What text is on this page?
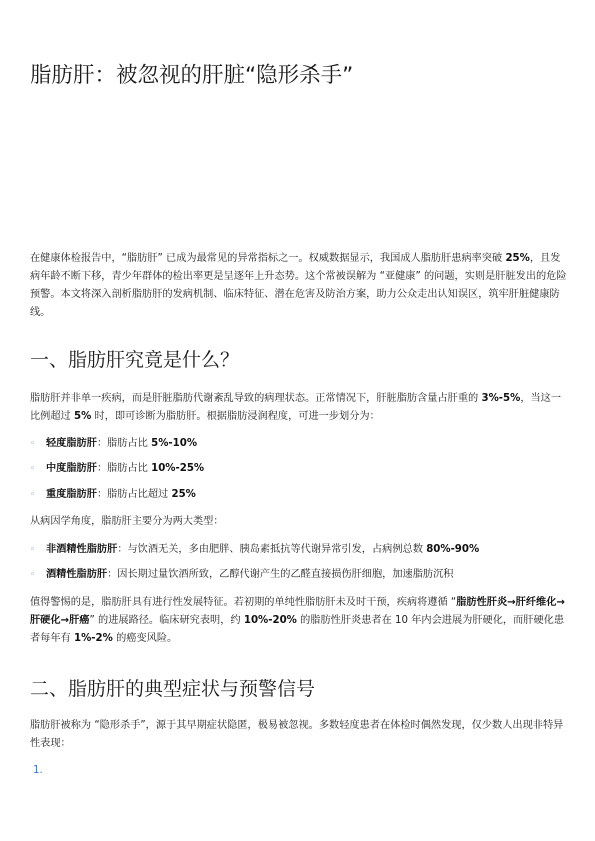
脂肪肝：被忽视的肝脏“隐形杀手”

在健康体检报告中，“脂肪肝” 已成为最常见的异常指标之一。权威数据显示，我国成人脂肪肝患病率突破 25%，且发病年龄不断下移，青少年群体的检出率更是呈逐年上升态势。这个常被误解为 “亚健康” 的问题，实则是肝脏发出的危险预警。本文将深入剖析脂肪肝的发病机制、临床特征、潜在危害及防治方案，助力公众走出认知误区，筑牢肝脏健康防线。

一、脂肪肝究竟是什么？

脂肪肝并非单一疾病，而是肝脏脂肪代谢紊乱导致的病理状态。正常情况下，肝脏脂肪含量占肝重的 3%-5%，当这一比例超过 5% 时，即可诊断为脂肪肝。根据脂肪浸润程度，可进一步划分为：

◦ 轻度脂肪肝：脂肪占比 5%-10%

◦ 中度脂肪肝：脂肪占比 10%-25%

◦ 重度脂肪肝：脂肪占比超过 25%

从病因学角度，脂肪肝主要分为两大类型：

◦ 非酒精性脂肪肝：与饮酒无关，多由肥胖、胰岛素抵抗等代谢异常引发，占病例总数 80%-90%

◦ 酒精性脂肪肝：因长期过量饮酒所致，乙醇代谢产生的乙醛直接损伤肝细胞，加速脂肪沉积

值得警惕的是，脂肪肝具有进行性发展特征。若初期的单纯性脂肪肝未及时干预，疾病将遵循 “脂肪性肝炎→肝纤维化→肝硬化→肝癌” 的进展路径。临床研究表明，约 10%-20% 的脂肪性肝炎患者在 10 年内会进展为肝硬化，而肝硬化患者每年有 1%-2% 的癌变风险。

二、脂肪肝的典型症状与预警信号

脂肪肝被称为 “隐形杀手”，源于其早期症状隐匿，极易被忽视。多数轻度患者在体检时偶然发现，仅少数人出现非特异性表现：

1.
